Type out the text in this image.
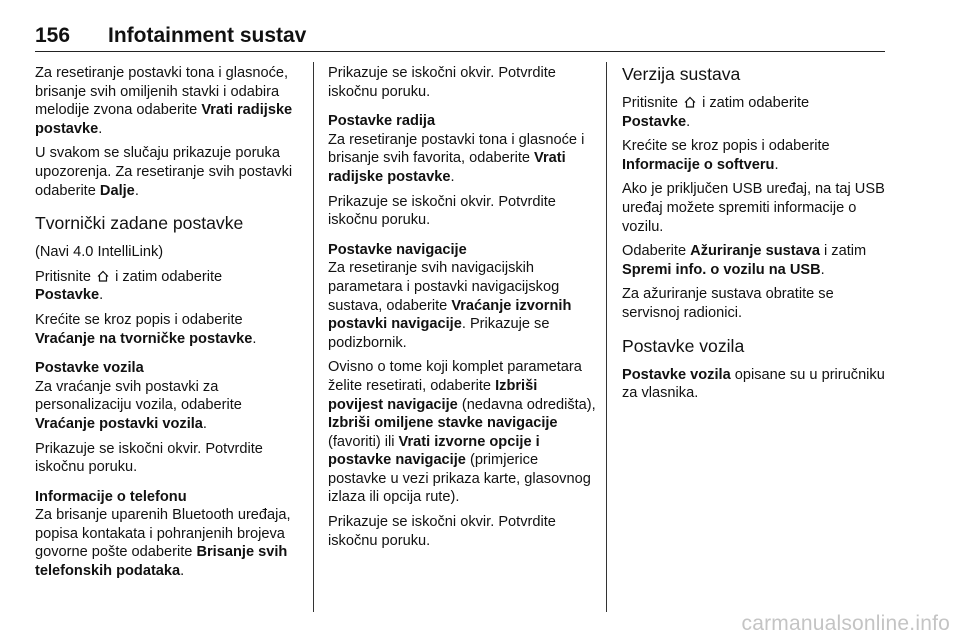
156 Infotainment sustav

Za resetiranje postavki tona i glasnoće, brisanje svih omiljenih stavki i odabira melodije zvona odaberite Vrati radijske postavke.

U svakom se slučaju prikazuje poruka upozorenja. Za resetiranje svih postavki odaberite Dalje.

Tvornički zadane postavke

(Navi 4.0 IntelliLink)

Pritisnite  i zatim odaberite
Postavke.

Krećite se kroz popis i odaberite
Vraćanje na tvorničke postavke.

Postavke vozila

Za vraćanje svih postavki za personalizaciju vozila, odaberite
Vraćanje postavki vozila.

Prikazuje se iskočni okvir. Potvrdite iskočnu poruku.

Informacije o telefonu

Za brisanje uparenih Bluetooth uređaja, popisa kontakata i pohranjenih brojeva govorne pošte odaberite Brisanje svih telefonskih podataka.

Prikazuje se iskočni okvir. Potvrdite iskočnu poruku.

Postavke radija

Za resetiranje postavki tona i glasnoće i brisanje svih favorita, odaberite Vrati radijske postavke.

Prikazuje se iskočni okvir. Potvrdite iskočnu poruku.

Postavke navigacije

Za resetiranje svih navigacijskih parametara i postavki navigacijskog sustava, odaberite Vraćanje izvornih postavki navigacije. Prikazuje se podizbornik.

Ovisno o tome koji komplet parametara želite resetirati, odaberite Izbriši povijest navigacije (nedavna odredišta), Izbriši omiljene stavke navigacije (favoriti) ili Vrati izvorne opcije i postavke navigacije (primjerice postavke u vezi prikaza karte, glasovnog izlaza ili opcija rute).

Prikazuje se iskočni okvir. Potvrdite iskočnu poruku.

Verzija sustava

Pritisnite  i zatim odaberite
Postavke.

Krećite se kroz popis i odaberite
Informacije o softveru.

Ako je priključen USB uređaj, na taj USB uređaj možete spremiti informacije o vozilu.

Odaberite Ažuriranje sustava i zatim Spremi info. o vozilu na USB.

Za ažuriranje sustava obratite se servisnoj radionici.

Postavke vozila

Postavke vozila opisane su u priručniku za vlasnika.

carmanualsonline.info
